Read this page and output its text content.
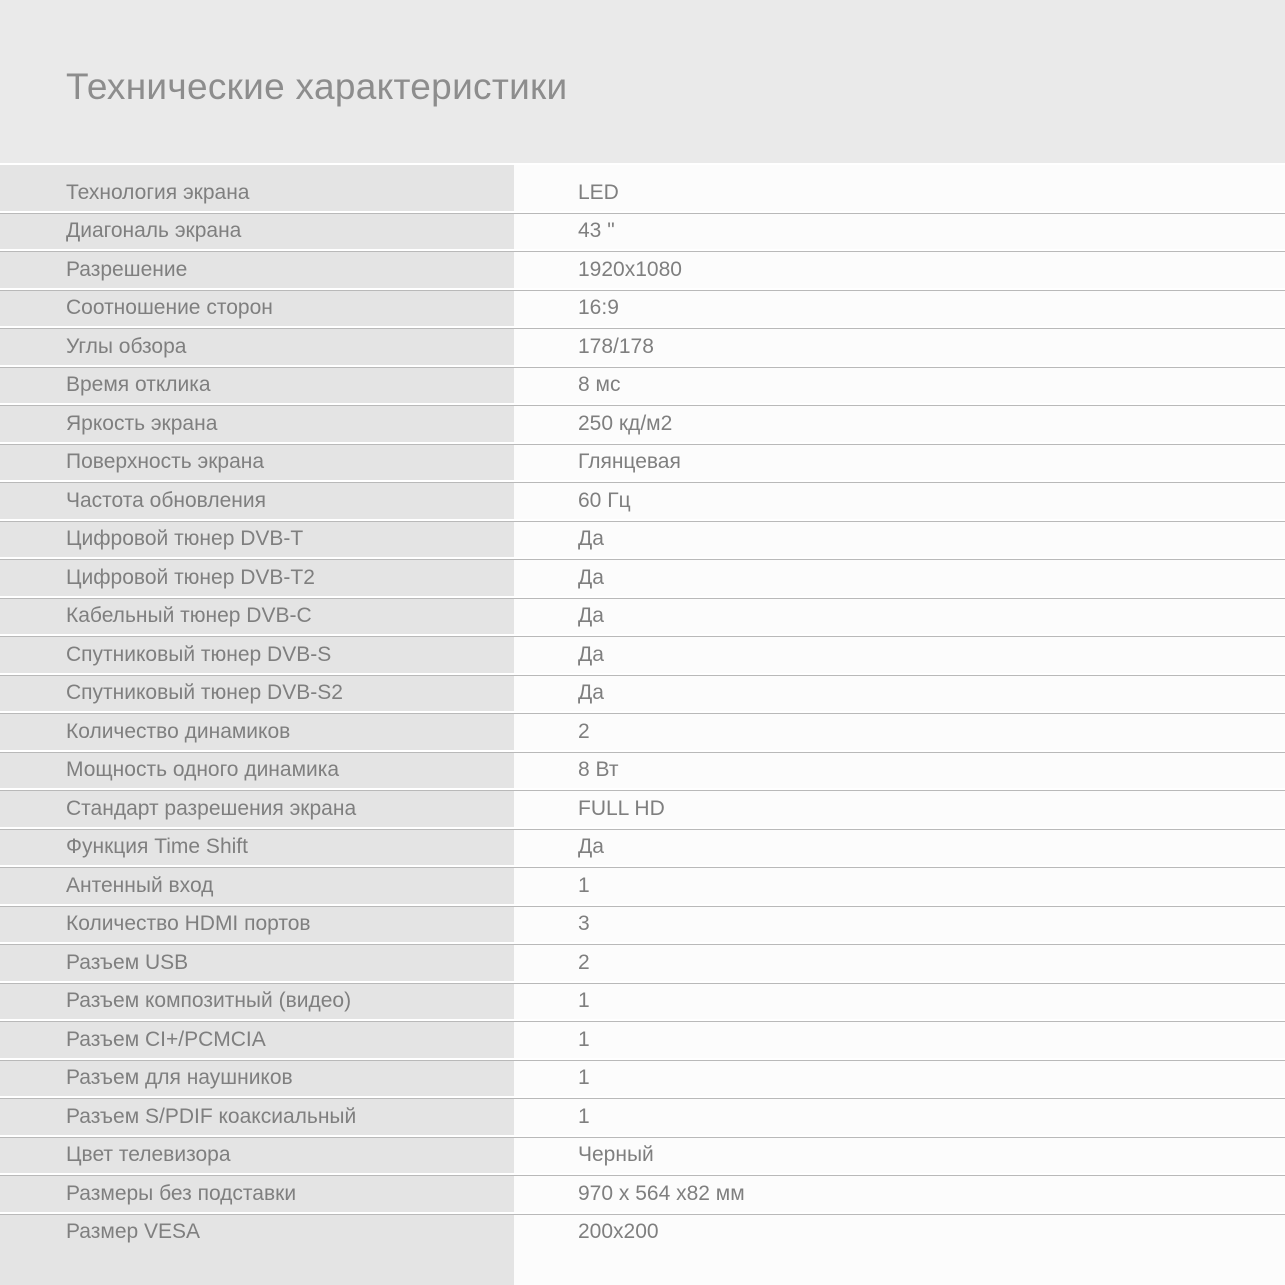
Технические характеристики
Технология экрана	LED
Диагональ экрана	43 "
Разрешение	1920x1080
Соотношение сторон	16:9
Углы обзора	178/178
Время отклика	8 мс
Яркость экрана	250 кд/м2
Поверхность экрана	Глянцевая
Частота обновления	60 Гц
Цифровой тюнер DVB-T	Да
Цифровой тюнер DVB-T2	Да
Кабельный тюнер DVB-C	Да
Спутниковый тюнер DVB-S	Да
Спутниковый тюнер DVB-S2	Да
Количество динамиков	2
Мощность одного динамика	8 Вт
Стандарт разрешения экрана	FULL HD
Функция Time Shift	Да
Антенный вход	1
Количество HDMI портов	3
Разъем USB	2
Разъем композитный (видео)	1
Разъем CI+/PCMCIA	1
Разъем для наушников	1
Разъем S/PDIF коаксиальный	1
Цвет телевизора	Черный
Размеры без подставки	970 x 564 x82 мм
Размер VESA	200x200
